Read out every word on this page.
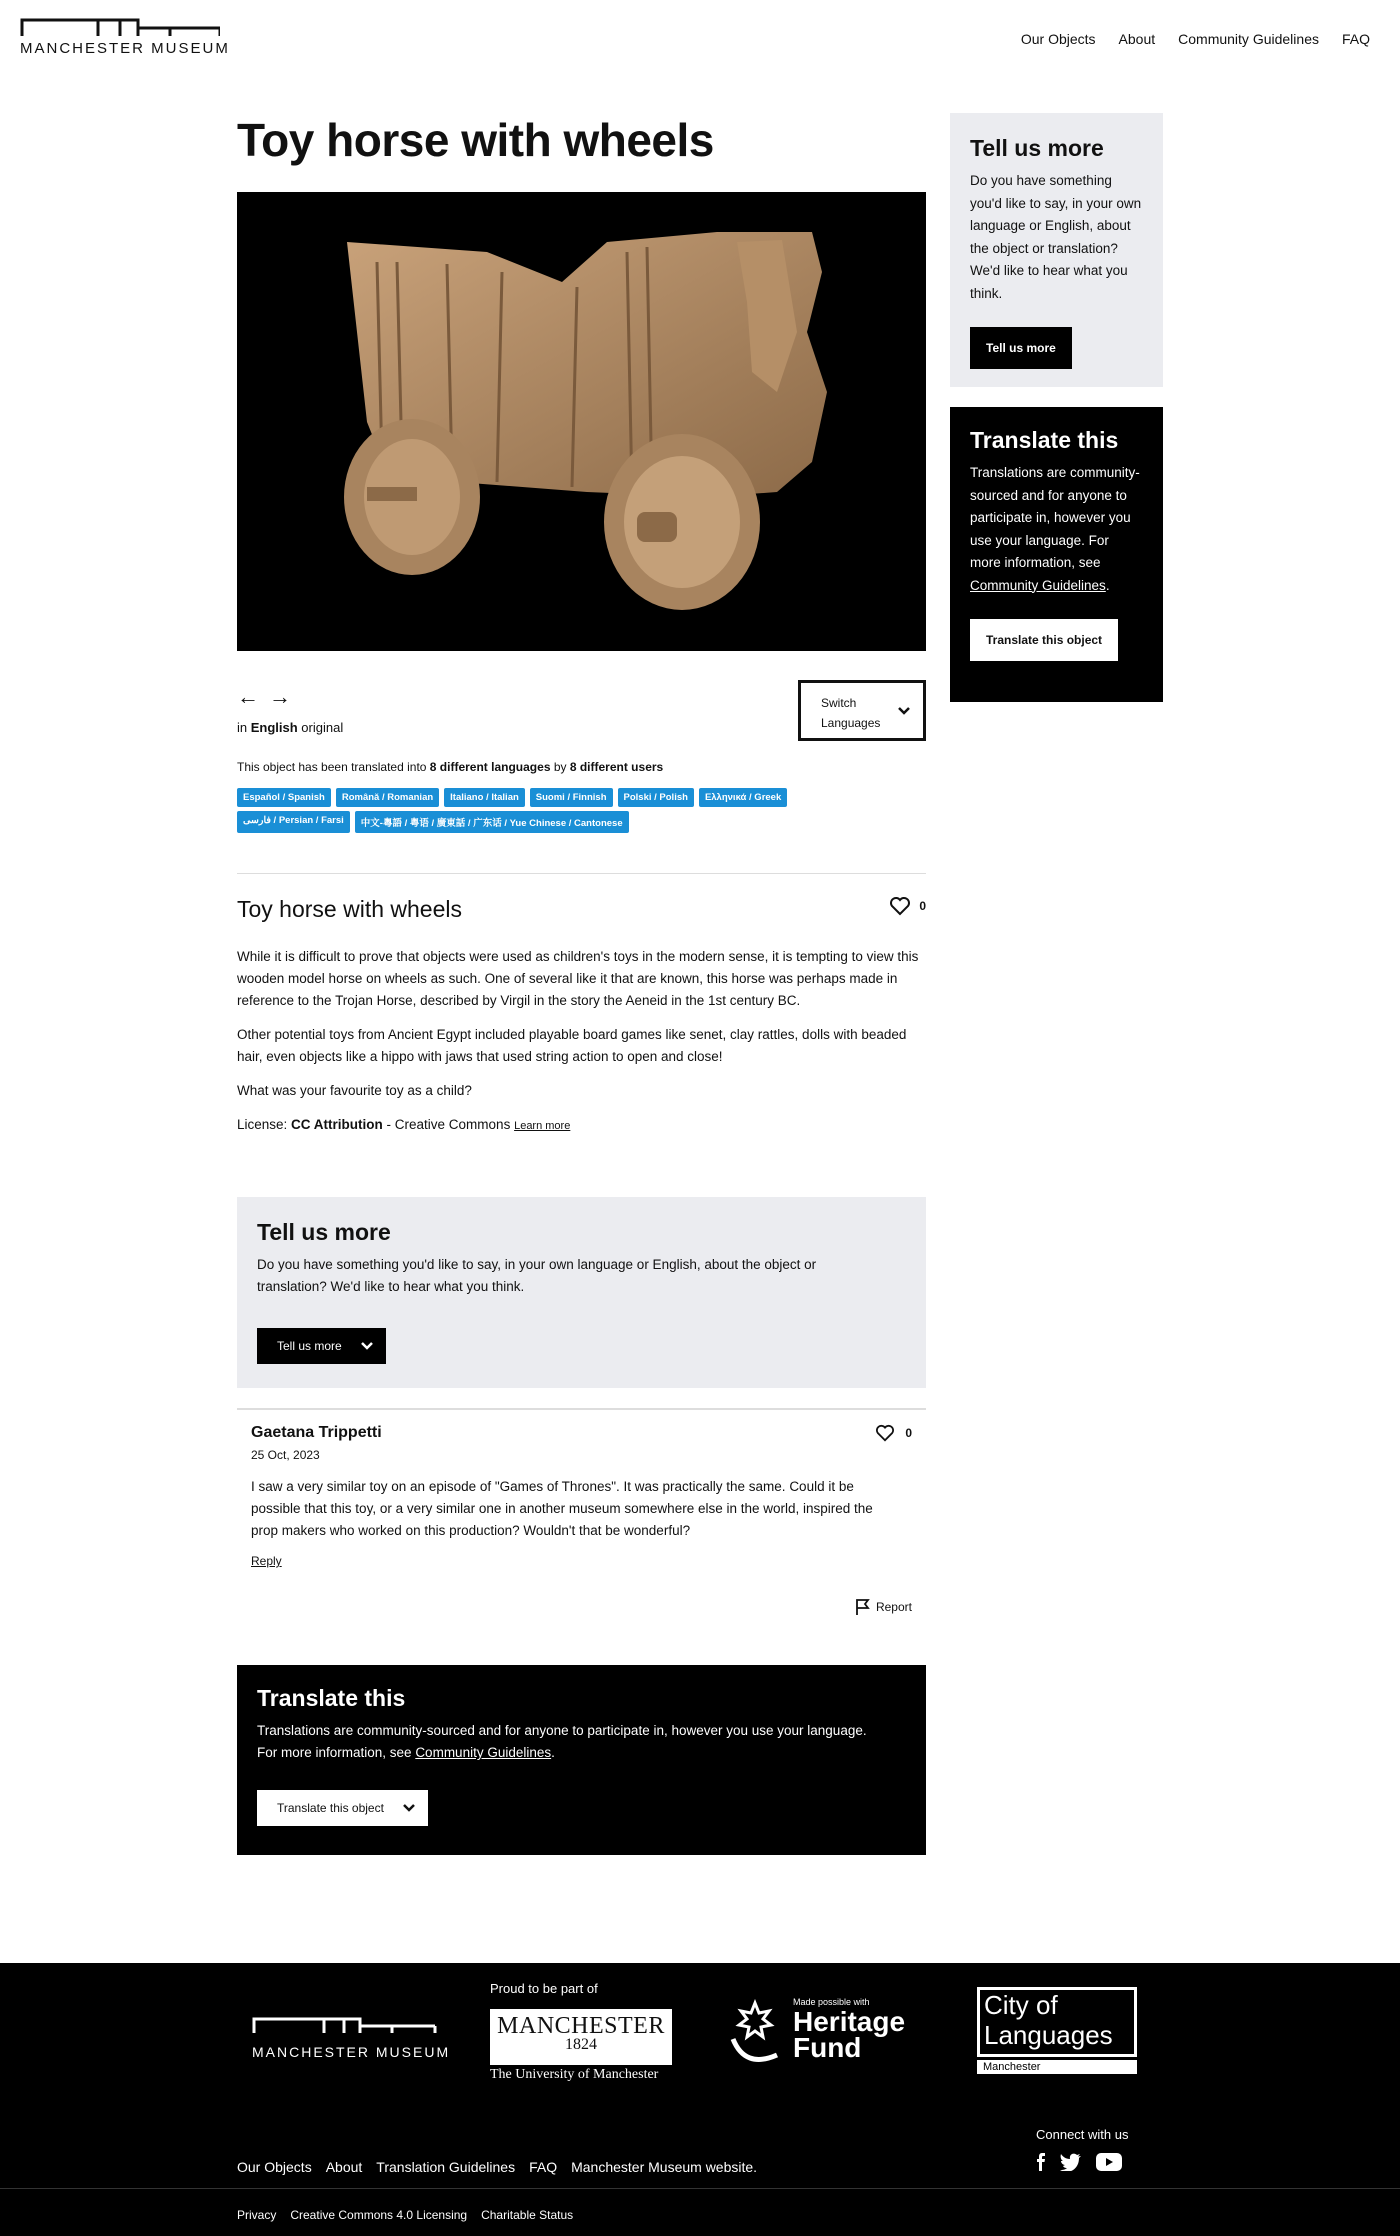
MANCHESTER MUSEUM
Our Objects About Community Guidelines FAQ
Toy horse with wheels
← →
in English original
Switch
Languages
This object has been translated into 8 different languages by 8 different users
Español / Spanish	Română / Romanian	Italiano / Italian	Suomi / Finnish	Polski / Polish	Ελληνικά / Greek
فارسی / Persian / Farsi	中文-粵語 / 粤语 / 廣東話 / 广东话 / Yue Chinese / Cantonese
Toy horse with wheels	0

While it is difficult to prove that objects were used as children's toys in the modern sense, it is tempting to view this wooden model horse on wheels as such. One of several like it that are known, this horse was perhaps made in reference to the Trojan Horse, described by Virgil in the story the Aeneid in the 1st century BC.

Other potential toys from Ancient Egypt included playable board games like senet, clay rattles, dolls with beaded hair, even objects like a hippo with jaws that used string action to open and close!

What was your favourite toy as a child?

License: CC Attribution - Creative Commons Learn more

Tell us more

Do you have something you'd like to say, in your own language or English, about the object or translation? We'd like to hear what you think.

Tell us more
Gaetana Trippetti
25 Oct, 2023
I saw a very similar toy on an episode of "Games of Thrones". It was practically the same. Could it be possible that this toy, or a very similar one in another museum somewhere else in the world, inspired the prop makers who worked on this production? Wouldn't that be wonderful?
Reply
0
Report
Translate this

Translations are community-sourced and for anyone to participate in, however you use your language. For more information, see Community Guidelines.

Translate this object
Tell us more

Do you have something you'd like to say, in your own language or English, about the object or translation? We'd like to hear what you think.

Tell us more
Translate this

Translations are community-sourced and for anyone to participate in, however you use your language. For more information, see Community Guidelines.

Translate this object
MANCHESTER MUSEUM
Proud to be part of
MANCHESTER
1824
The University of Manchester
Made possible with
Heritage
Fund
City of
Languages
Manchester
Connect with us
Our Objects About Translation Guidelines FAQ Manchester Museum website.
Privacy Creative Commons 4.0 Licensing Charitable Status
